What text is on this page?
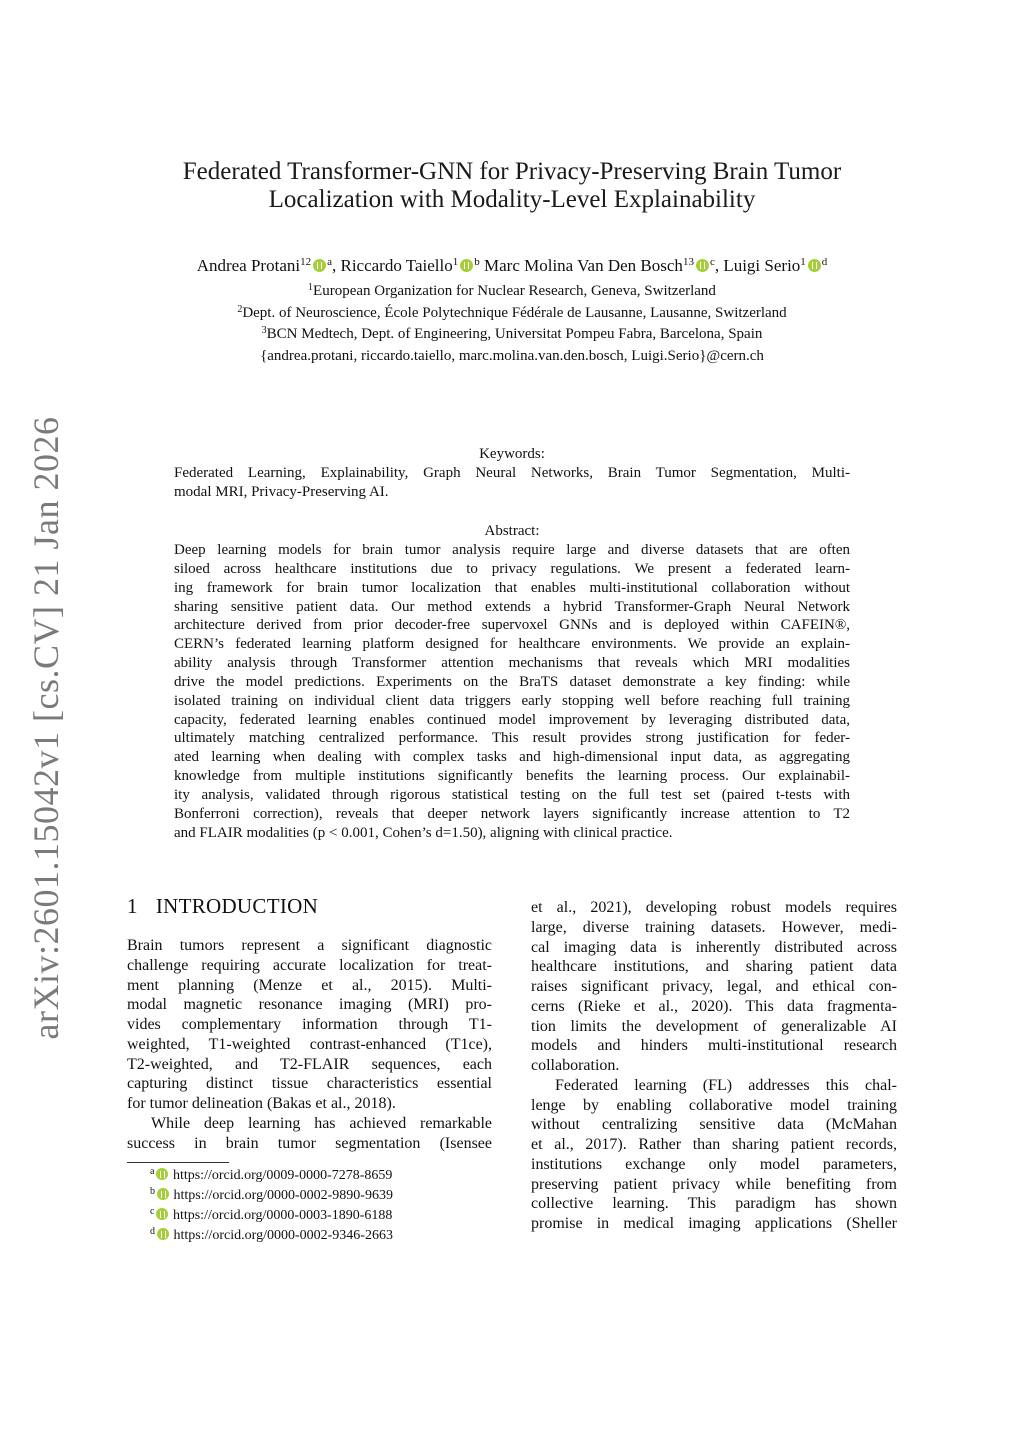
arXiv:2601.15042v1 [cs.CV] 21 Jan 2026
Federated Transformer-GNN for Privacy-Preserving Brain Tumor
Localization with Modality-Level Explainability
Andrea Protani$^{12}$ $^a$, Riccardo Taiello$^1$ $^b$ Marc Molina Van Den Bosch$^{13}$ $^c$, Luigi Serio$^1$ $^d$
$^1$European Organization for Nuclear Research, Geneva, Switzerland
$^2$Dept. of Neuroscience, École Polytechnique Fédérale de Lausanne, Lausanne, Switzerland
$^3$BCN Medtech, Dept. of Engineering, Universitat Pompeu Fabra, Barcelona, Spain
{andrea.protani, riccardo.taiello, marc.molina.van.den.bosch, Luigi.Serio}@cern.ch
Keywords:
Federated Learning, Explainability, Graph Neural Networks, Brain Tumor Segmentation, Multi-
modal MRI, Privacy-Preserving AI.
Abstract:
Deep learning models for brain tumor analysis require large and diverse datasets that are often
siloed across healthcare institutions due to privacy regulations. We present a federated learn-
ing framework for brain tumor localization that enables multi-institutional collaboration without
sharing sensitive patient data. Our method extends a hybrid Transformer-Graph Neural Network
architecture derived from prior decoder-free supervoxel GNNs and is deployed within CAFEIN®,
CERN’s federated learning platform designed for healthcare environments. We provide an explain-
ability analysis through Transformer attention mechanisms that reveals which MRI modalities
drive the model predictions. Experiments on the BraTS dataset demonstrate a key finding: while
isolated training on individual client data triggers early stopping well before reaching full training
capacity, federated learning enables continued model improvement by leveraging distributed data,
ultimately matching centralized performance. This result provides strong justification for feder-
ated learning when dealing with complex tasks and high-dimensional input data, as aggregating
knowledge from multiple institutions significantly benefits the learning process. Our explainabil-
ity analysis, validated through rigorous statistical testing on the full test set (paired t-tests with
Bonferroni correction), reveals that deeper network layers significantly increase attention to T2
and FLAIR modalities (p < 0.001, Cohen’s d=1.50), aligning with clinical practice.
1 INTRODUCTION
Brain tumors represent a significant diagnostic
challenge requiring accurate localization for treat-
ment planning (Menze et al., 2015). Multi-
modal magnetic resonance imaging (MRI) pro-
vides complementary information through T1-
weighted, T1-weighted contrast-enhanced (T1ce),
T2-weighted, and T2-FLAIR sequences, each
capturing distinct tissue characteristics essential
for tumor delineation (Bakas et al., 2018).
While deep learning has achieved remarkable
success in brain tumor segmentation (Isensee
et al., 2021), developing robust models requires
large, diverse training datasets. However, medi-
cal imaging data is inherently distributed across
healthcare institutions, and sharing patient data
raises significant privacy, legal, and ethical con-
cerns (Rieke et al., 2020). This data fragmenta-
tion limits the development of generalizable AI
models and hinders multi-institutional research
collaboration.
Federated learning (FL) addresses this chal-
lenge by enabling collaborative model training
without centralizing sensitive data (McMahan
et al., 2017). Rather than sharing patient records,
institutions exchange only model parameters,
preserving patient privacy while benefiting from
collective learning. This paradigm has shown
promise in medical imaging applications (Sheller
$^a$ https://orcid.org/0009-0000-7278-8659
$^b$ https://orcid.org/0000-0002-9890-9639
$^c$ https://orcid.org/0000-0003-1890-6188
$^d$ https://orcid.org/0000-0002-9346-2663
